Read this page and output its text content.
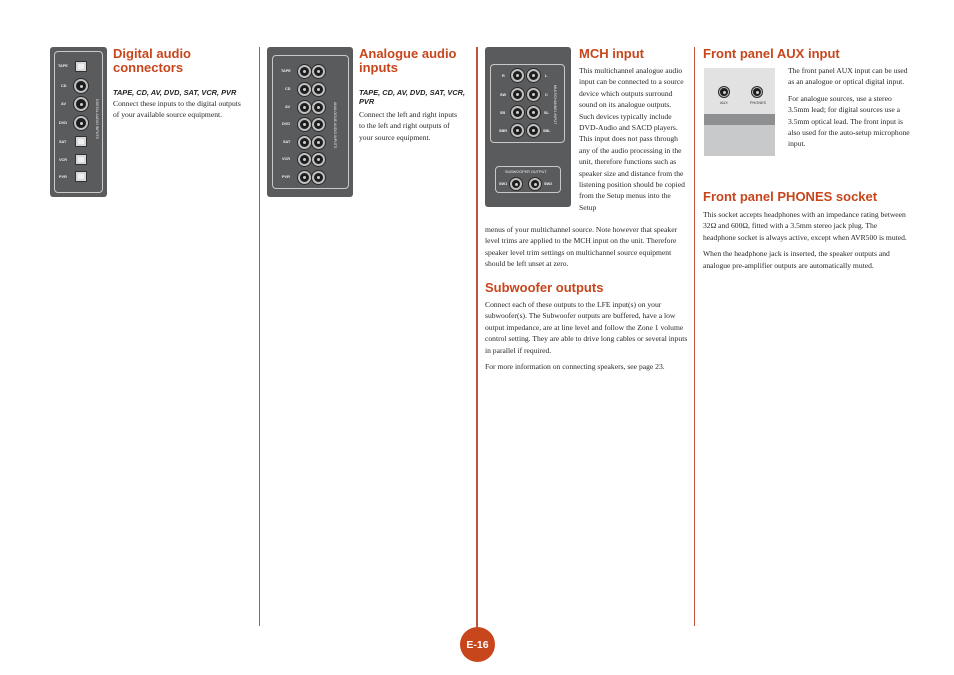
TAPE
CD
AV
DVD
SAT
VCR
PVR
DIGITAL AUDIO INPUTS
Digital audio connectors
TAPE, CD, AV, DVD, SAT, VCR, PVR
Connect these inputs to the digital outputs of your available source equipment.
TAPE
CD
AV
DVD
SAT
VCR
PVR
ANALOGUE AUDIO INPUTS
Analogue audio inputs
TAPE, CD, AV, DVD, SAT, VCR, PVR
Connect the left and right inputs to the left and right outputs of your source equipment.
R
SW
SR
SBR
L
C
SL
SBL
MULTICHANNEL INPUT
SUBWOOFER OUTPUT
SW1	SW2
MCH input
This multichannel analogue audio input can be connected to a source device which outputs surround sound on its analogue outputs. Such devices typically include DVD-Audio and SACD players. This input does not pass through any of the audio processing in the unit, therefore functions such as speaker size and distance from the listening position should be copied from the Setup menus into the Setup
menus of your multichannel source. Note however that speaker level trims are applied to the MCH input on the unit. Therefore speaker level trim settings on multichannel source equipment should be left unset at zero.
Subwoofer outputs

Connect each of these outputs to the LFE input(s) on your subwoofer(s). The Subwoofer outputs are buffered, have a low output impedance, are at line level and follow the Zone 1 volume control setting. They are able to drive long cables or several inputs in parallel if required.

For more information on connecting speakers, see page 23.

AUX	PHONES
Front panel AUX input

The front panel AUX input can be used as an analogue or optical digital input.

For analogue sources, use a stereo 3.5mm lead; for digital sources use a 3.5mm optical lead. The front input is also used for the auto-setup microphone input.

Front panel PHONES socket

This socket accepts headphones with an impedance rating between 32Ω and 600Ω, fitted with a 3.5mm stereo jack plug. The headphone socket is always active, except when AVR500 is muted.

When the headphone jack is inserted, the speaker outputs and analogue pre-amplifier outputs are automatically muted.

E-16
